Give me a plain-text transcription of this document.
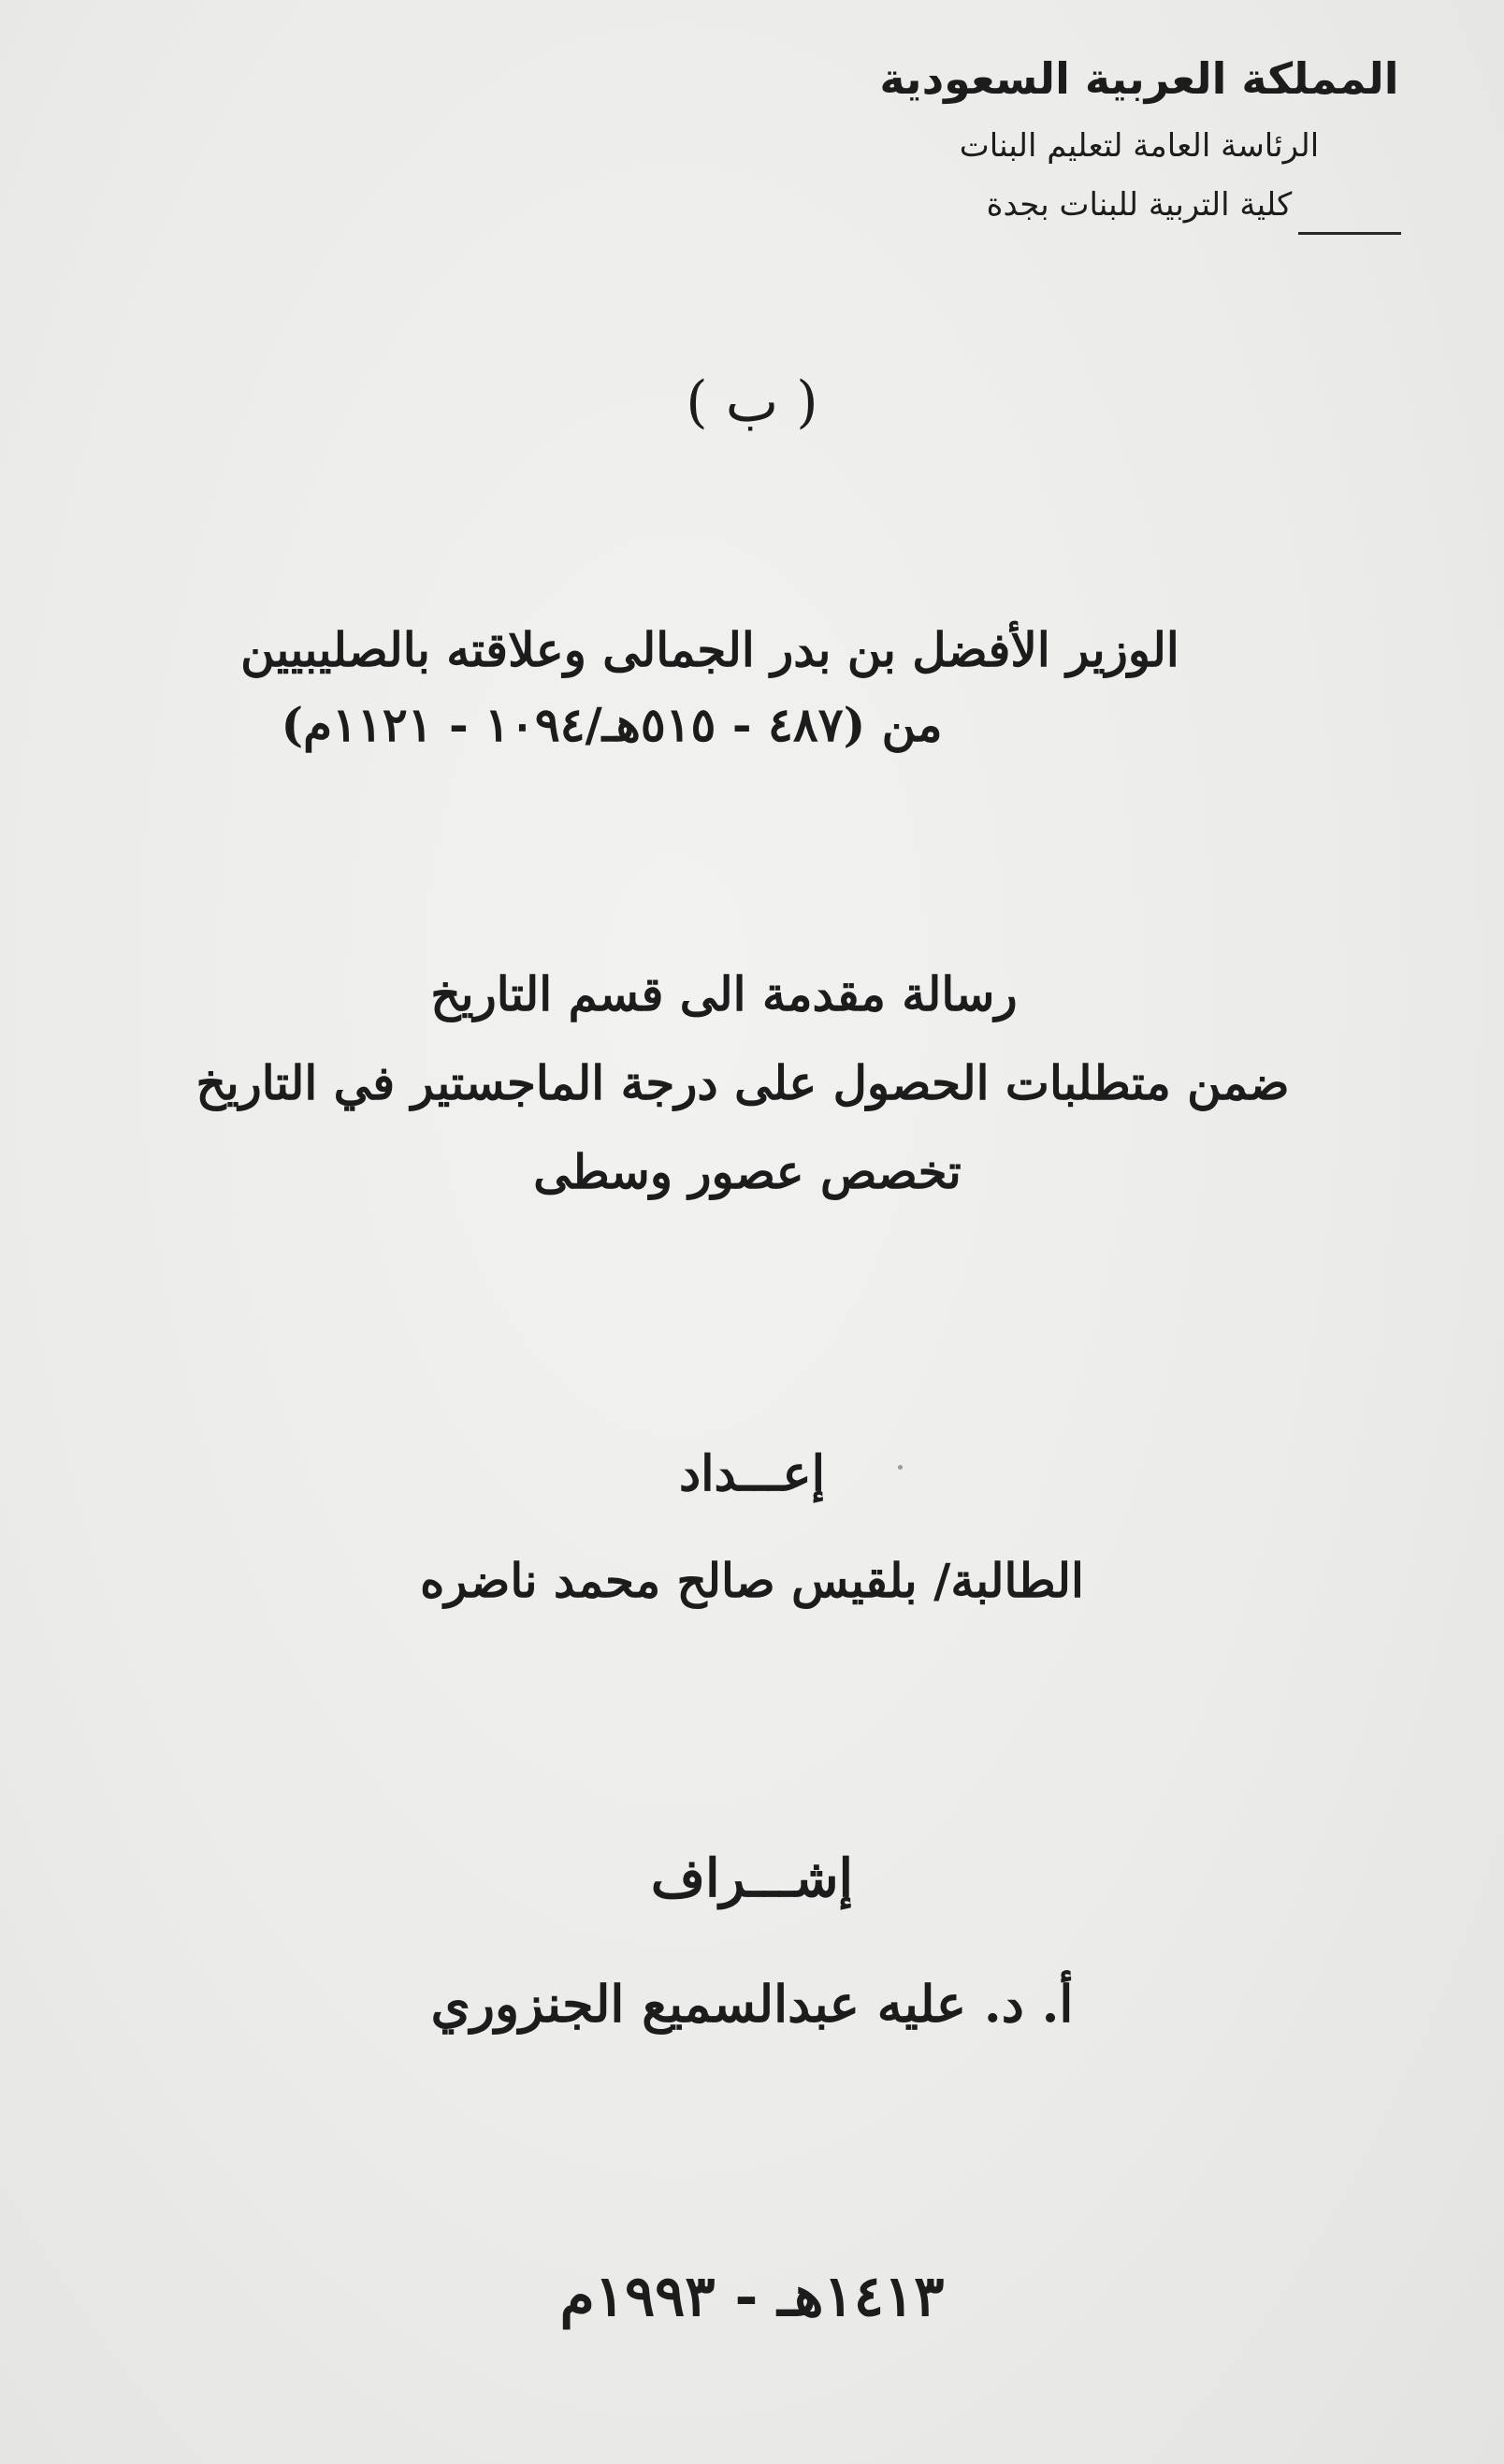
المملكة العربية السعودية

الرئاسة العامة لتعليم البنات

كلية التربية للبنات بجدة

( ب )
الوزير الأفضل بن بدر الجمالى وعلاقته بالصليبيين
من (٤٨٧ - ٥١٥هـ/١٠٩٤ - ١١٢١م)
رسالة مقدمة الى قسم التاريخ
ضمن متطلبات الحصول على درجة الماجستير في التاريخ
تخصص عصور وسطى
إعـــداد
الطالبة/ بلقيس صالح محمد ناضره
إشـــراف
أ. د. عليه عبدالسميع الجنزوري
١٤١٣هـ - ١٩٩٣م
